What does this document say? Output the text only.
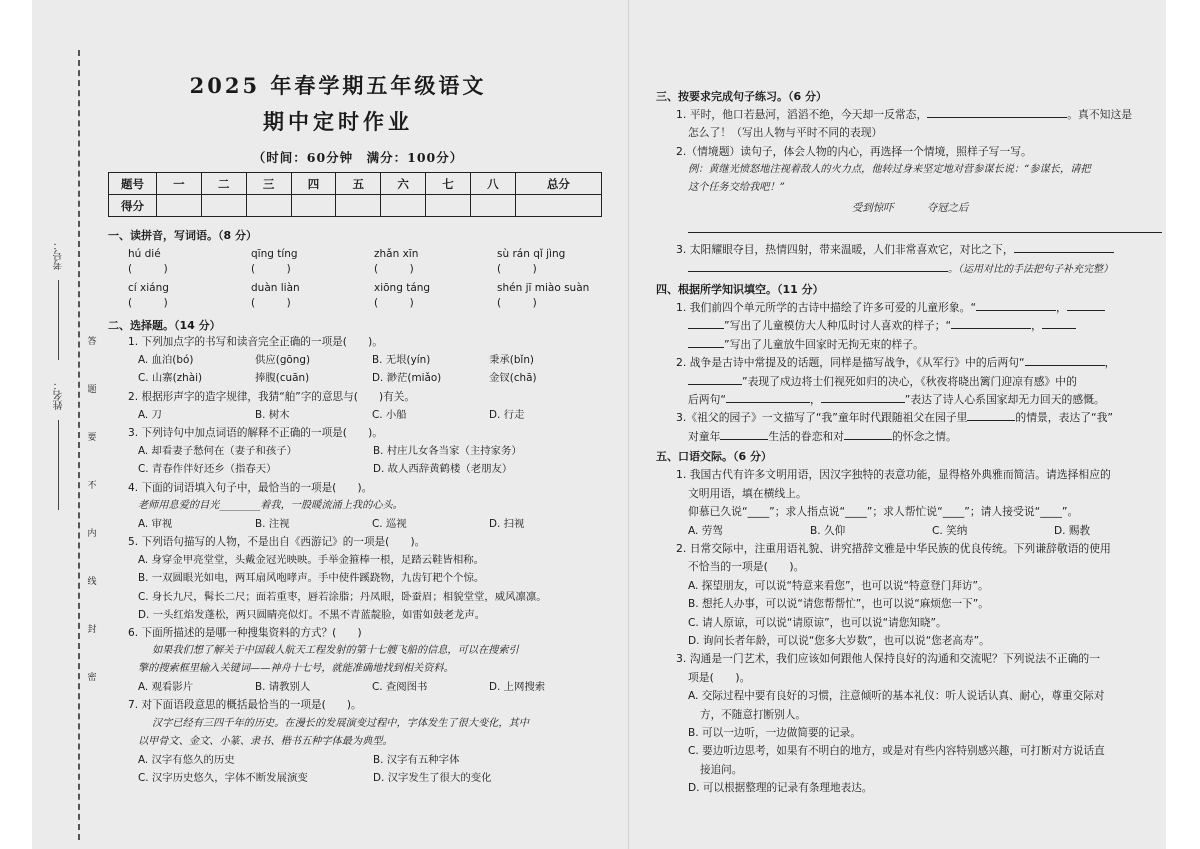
考号：
姓名：
答
题
要
不
内
线
封
密
2025 年春学期五年级语文
期中定时作业
（时间：60分钟　满分：100分）
题号	一	二	三	四	五	六	七	八	总分
得分									
一、读拼音，写词语。（8 分）
hú dié	qīng tíng	zhǎn xīn	sù rán qǐ jìng
(　　　)	(　　　)	(　　　)	(　　　)
cí xiáng	duàn liàn	xiōng táng	shén jī miào suàn
(　　　)	(　　　)	(　　　)	(　　　)
二、选择题。（14 分）
1. 下列加点字的书写和读音完全正确的一项是(　　)。
A. 血泊(bó)	供应(gōng)	B. 无垠(yín)	秉承(bǐn)
C. 山寨(zhài)	捧腹(cuān)	D. 渺茫(miǎo)	金钗(chā)
2. 根据形声字的造字规律，我猜“舶”字的意思与(　　)有关。
A. 刀	B. 树木	C. 小船	D. 行走
3. 下列诗句中加点词语的解释不正确的一项是(　　)。
A. 却看妻子愁何在（妻子和孩子）	B. 村庄儿女各当家（主持家务）
C. 青春作伴好还乡（指春天）	D. 故人西辞黄鹤楼（老朋友）
4. 下面的词语填入句子中，最恰当的一项是(　　)。
老师用息爱的目光________着我，一股暖流涌上我的心头。
A. 审视	B. 注视	C. 巡视	D. 扫视
5. 下列语句描写的人物，不是出自《西游记》的一项是(　　)。
A. 身穿金甲亮堂堂，头戴金冠光映映。手举金箍棒一根，足踏云鞋皆相称。
B. 一双圆眼光如电，两耳扇风咆哮声。手中使件蹊跷物，九齿钉耙个个惊。
C. 身长九尺，髯长二尺；面若重枣，唇若涂脂；丹凤眼，卧蚕眉；相貌堂堂，威风凛凛。
D. 一头红焰发蓬松，两只圆睛亮似灯。不黑不青蓝靛脸，如雷如鼓老龙声。
6. 下面所描述的是哪一种搜集资料的方式？(　　)
如果我们想了解关于中国载人航天工程发射的第十七艘飞船的信息，可以在搜索引
擎的搜索框里输入关键词——神舟十七号，就能准确地找到相关资料。
A. 观看影片	B. 请教别人	C. 查阅图书	D. 上网搜索
7. 对下面语段意思的概括最恰当的一项是(　　)。
汉字已经有三四千年的历史。在漫长的发展演变过程中，字体发生了很大变化，其中
以甲骨文、金文、小篆、隶书、楷书五种字体最为典型。
A. 汉字有悠久的历史	B. 汉字有五种字体
C. 汉字历史悠久，字体不断发展演变	D. 汉字发生了很大的变化
三、按要求完成句子练习。（6 分）
1. 平时，他口若悬河，滔滔不绝，今天却一反常态，	。真不知这是
怎么了！（写出人物与平时不同的表现）
2.（情境题）读句子，体会人物的内心，再选择一个情境，照样子写一写。
例：黄继光愤怒地注视着敌人的火力点，他转过身来坚定地对营参谋长说：“参谋长，请把
这个任务交给我吧！”
受到惊吓	夺冠之后
3. 太阳耀眼夺目，热情四射，带来温暖，人们非常喜欢它，对比之下，
。（运用对比的手法把句子补充完整）
四、根据所学知识填空。（11 分）
1. 我们前四个单元所学的古诗中描绘了许多可爱的儿童形象。“	，
”写出了儿童模仿大人种瓜时讨人喜欢的样子；“	，
”写出了儿童放牛回家时无拘无束的样子。
2. 战争是古诗中常提及的话题，同样是描写战争，《从军行》中的后两句“	，
”表现了戍边将士们视死如归的决心，《秋夜将晓出篱门迎凉有感》中的
后两句“	，	”表达了诗人心系国家却无力回天的感慨。
3.《祖父的园子》一文描写了“我”童年时代跟随祖父在园子里	的情景，表达了“我”
对童年	生活的眷恋和对	的怀念之情。
五、口语交际。（6 分）
1. 我国古代有许多文明用语，因汉字独特的表意功能，显得格外典雅而简洁。请选择相应的
文明用语，填在横线上。
仰慕已久说“____”；求人指点说“____”；求人帮忙说“____”；请人接受说“____”。
A. 劳驾	B. 久仰	C. 笑纳	D. 赐教
2. 日常交际中，注重用语礼貌、讲究措辞文雅是中华民族的优良传统。下列谦辞敬语的使用
不恰当的一项是(　　)。
A. 探望朋友，可以说“特意来看您”，也可以说“特意登门拜访”。
B. 想托人办事，可以说“请您帮帮忙”，也可以说“麻烦您一下”。
C. 请人原谅，可以说“请原谅”，也可以说“请您知晓”。
D. 询问长者年龄，可以说“您多大岁数”，也可以说“您老高寿”。
3. 沟通是一门艺术，我们应该如何跟他人保持良好的沟通和交流呢？下列说法不正确的一
项是(　　)。
A. 交际过程中要有良好的习惯，注意倾听的基本礼仪：听人说话认真、耐心，尊重交际对
方，不随意打断别人。
B. 可以一边听，一边做简要的记录。
C. 要边听边思考，如果有不明白的地方，或是对有些内容特别感兴趣，可打断对方说话直
接追问。
D. 可以根据整理的记录有条理地表达。
